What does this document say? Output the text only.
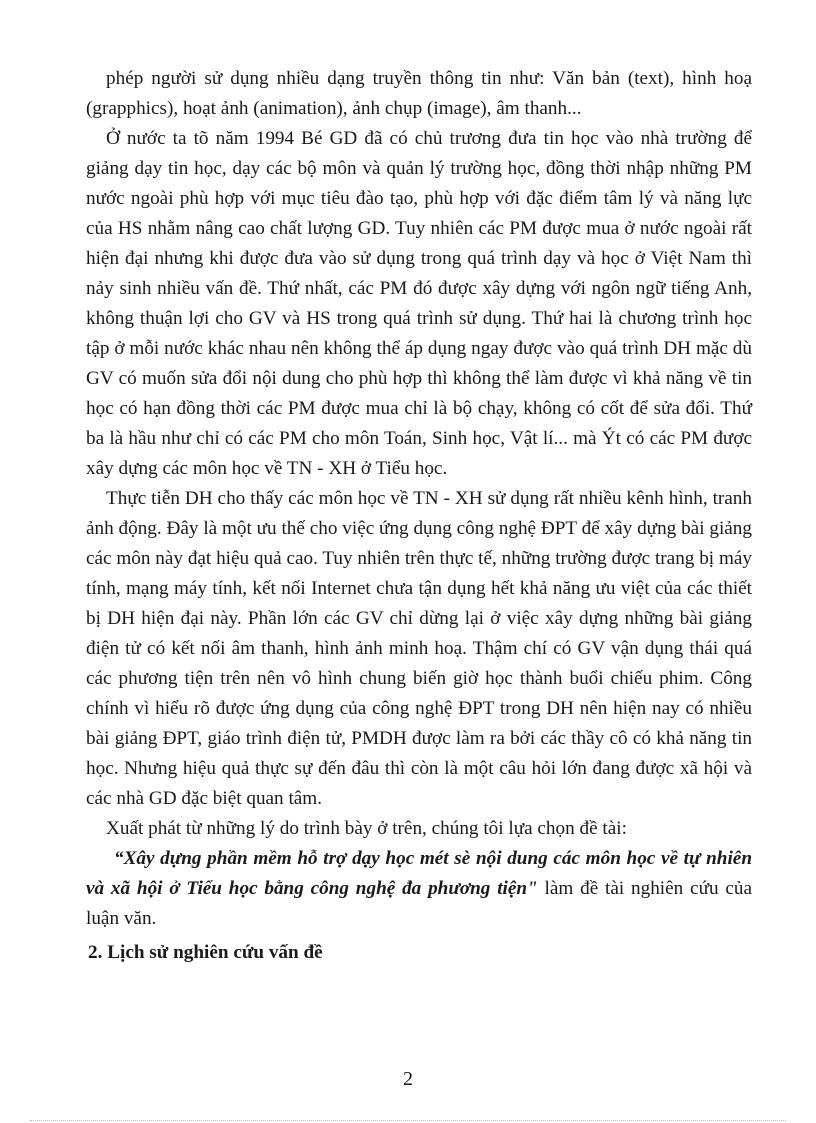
phép người sử dụng nhiều dạng truyền thông tin như: Văn bản (text), hình hoạ (grapphics), hoạt ảnh (animation), ảnh chụp (image), âm thanh...

Ở nước ta tõ năm 1994 Bé GD đã có chủ trương đưa tin học vào nhà trường để giảng dạy tin học, dạy các bộ môn và quản lý trường học, đồng thời nhập những PM nước ngoài phù hợp với mục tiêu đào tạo, phù hợp với đặc điểm tâm lý và năng lực của HS nhằm nâng cao chất lượng GD. Tuy nhiên các PM được mua ở nước ngoài rất hiện đại nhưng khi được đưa vào sử dụng trong quá trình dạy và học ở Việt Nam thì nảy sinh nhiều vấn đề. Thứ nhất, các PM đó được xây dựng với ngôn ngữ tiếng Anh, không thuận lợi cho GV và HS trong quá trình sử dụng. Thứ hai là chương trình học tập ở mỗi nước khác nhau nên không thể áp dụng ngay được vào quá trình DH mặc dù GV có muốn sửa đổi nội dung cho phù hợp thì không thể làm được vì khả năng về tin học có hạn đồng thời các PM được mua chỉ là bộ chạy, không có cốt để sửa đổi. Thứ ba là hầu như chỉ có các PM cho môn Toán, Sinh học, Vật lí... mà Ýt có các PM được xây dựng các môn học về TN - XH ở Tiểu học.

Thực tiễn DH cho thấy các môn học về TN - XH sử dụng rất nhiều kênh hình, tranh ảnh động. Đây là một ưu thế cho việc ứng dụng công nghệ ĐPT để xây dựng bài giảng các môn này đạt hiệu quả cao. Tuy nhiên trên thực tế, những trường được trang bị máy tính, mạng máy tính, kết nối Internet chưa tận dụng hết khả năng ưu việt của các thiết bị DH hiện đại này. Phần lớn các GV chỉ dừng lại ở việc xây dựng những bài giảng điện tử có kết nối âm thanh, hình ảnh minh hoạ. Thậm chí có GV vận dụng thái quá các phương tiện trên nên vô hình chung biến giờ học thành buổi chiếu phim. Công chính vì hiểu rõ được ứng dụng của công nghệ ĐPT trong DH nên hiện nay có nhiều bài giảng ĐPT, giáo trình điện tử, PMDH được làm ra bởi các thầy cô có khả năng tin học. Nhưng hiệu quả thực sự đến đâu thì còn là một câu hỏi lớn đang được xã hội và các nhà GD đặc biệt quan tâm.

Xuất phát từ những lý do trình bày ở trên, chúng tôi lựa chọn đề tài:

“Xây dựng phần mềm hỗ trợ dạy học mét sè nội dung các môn học về tự nhiên và xã hội ở Tiểu học bằng công nghệ đa phương tiện" làm đề tài nghiên cứu của luận văn.

2. Lịch sử nghiên cứu vấn đề
2
